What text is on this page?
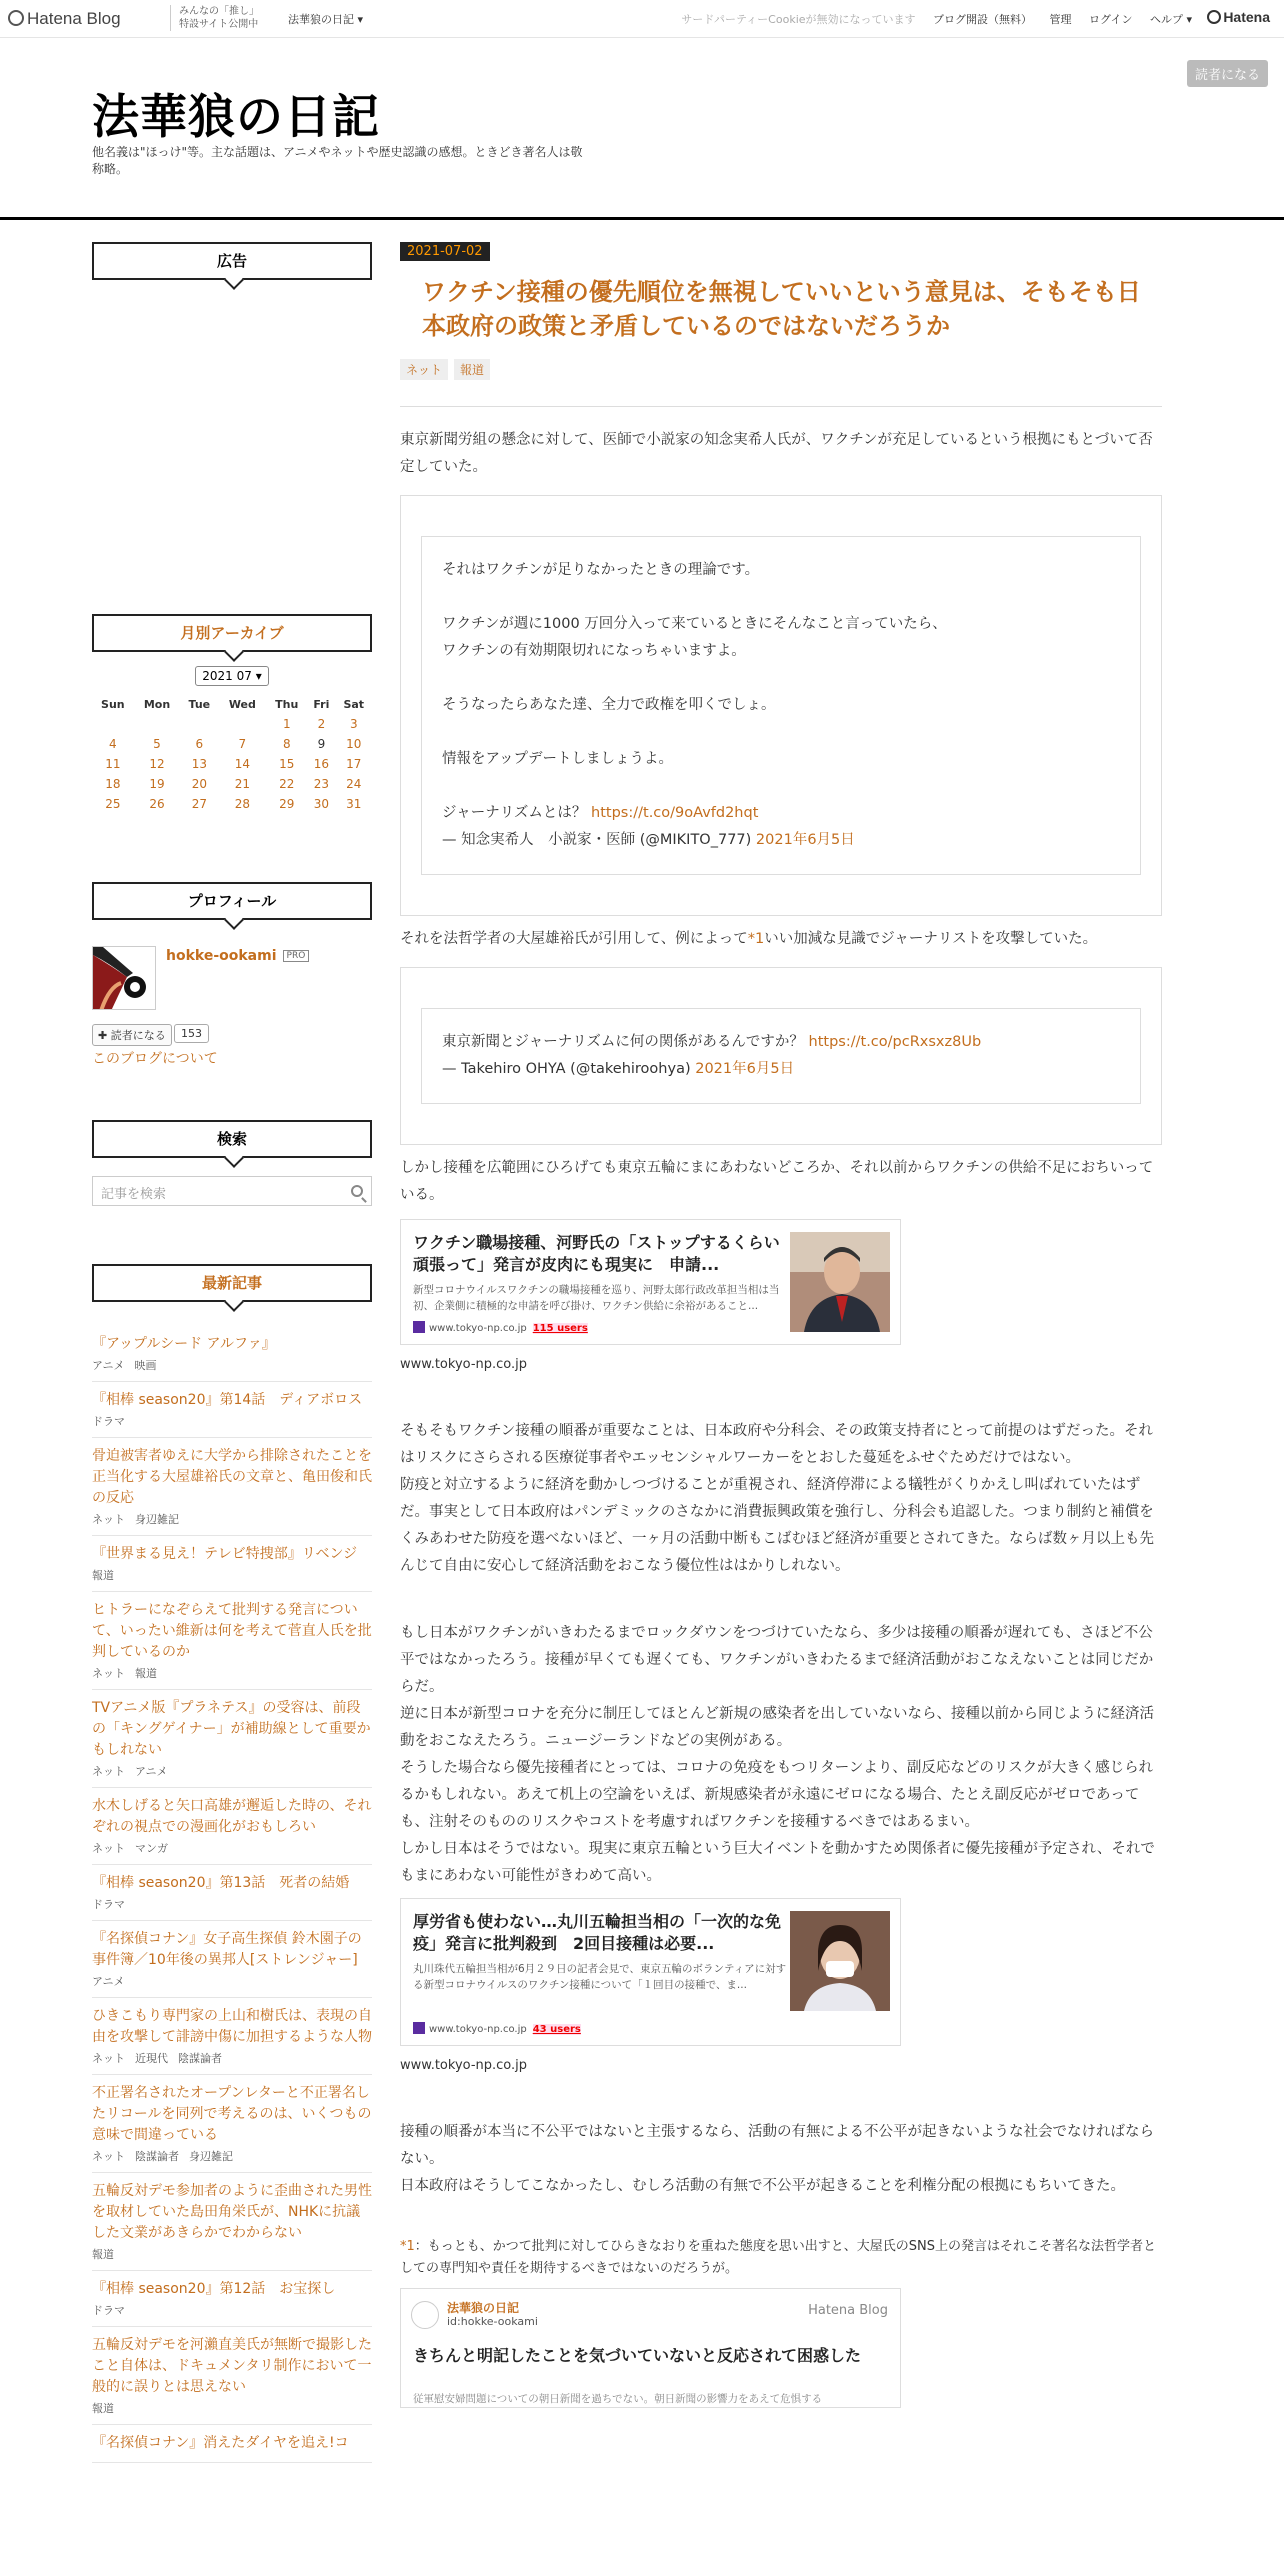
Hatena Blog	みんなの「推し」
特設サイト公開中	法華狼の日記 ▾	サードパーティーCookieが無効になっています ブログ開設（無料） 管理 ログイン ヘルプ ▾	Hatena
法華狼の日記
他名義は"ほっけ"等。主な話題は、アニメやネットや歴史認識の感想。ときどき著名人は敬称略。
読者になる
広告
月別アーカイブ
2021 07 ▾
Sun	Mon	Tue	Wed	Thu	Fri	Sat
				1	2	3
4	5	6	7	8	9	10
11	12	13	14	15	16	17
18	19	20	21	22	23	24
25	26	27	28	29	30	31
プロフィール
hokke-ookami PRO
✚ 読者になる	153
このブログについて
検索
記事を検索
最新記事
『アップルシード アルファ』
アニメ 映画
『相棒 season20』第14話　ディアボロス
ドラマ
骨迫被害者ゆえに大学から排除されたことを正当化する大屋雄裕氏の文章と、亀田俊和氏の反応
ネット 身辺雑記
『世界まる見え！テレビ特捜部』リベンジ
報道
ヒトラーになぞらえて批判する発言について、いったい維新は何を考えて菅直人氏を批判しているのか
ネット 報道
TVアニメ版『プラネテス』の受容は、前段の「キングゲイナー」が補助線として重要かもしれない
ネット アニメ
水木しげると矢口高雄が邂逅した時の、それぞれの視点での漫画化がおもしろい
ネット マンガ
『相棒 season20』第13話　死者の結婚
ドラマ
『名探偵コナン』女子高生探偵 鈴木園子の事件簿／10年後の異邦人[ストレンジャー]
アニメ
ひきこもり専門家の上山和樹氏は、表現の自由を攻撃して誹謗中傷に加担するような人物
ネット 近現代 陰謀論者
不正署名されたオープンレターと不正署名したリコールを同列で考えるのは、いくつもの意味で間違っている
ネット 陰謀論者 身辺雑記
五輪反対デモ参加者のように歪曲された男性を取材していた島田角栄氏が、NHKに抗議した文業があきらかでわからない
報道
『相棒 season20』第12話　お宝探し
ドラマ
五輪反対デモを河瀨直美氏が無断で撮影したこと自体は、ドキュメンタリ制作において一般的に誤りとは思えない
報道
『名探偵コナン』消えたダイヤを追え!コ
2021-07-02
ワクチン接種の優先順位を無視していいという意見は、そもそも日本政府の政策と矛盾しているのではないだろうか
ネット 報道
東京新聞労組の懸念に対して、医師で小説家の知念実希人氏が、ワクチンが充足しているという根拠にもとづいて否定していた。
それはワクチンが足りなかったときの理論です。
ワクチンが週に1000 万回分入って来ているときにそんなこと言っていたら、
ワクチンの有効期限切れになっちゃいますよ。
そうなったらあなた達、全力で政権を叩くでしょ。
情報をアップデートしましょうよ。
ジャーナリズムとは？ https://t.co/9oAvfd2hqt
— 知念実希人　小説家・医師 (@MIKITO_777) 2021年6月5日
それを法哲学者の大屋雄裕氏が引用して、例によって*1いい加減な見識でジャーナリストを攻撃していた。
東京新聞とジャーナリズムに何の関係があるんですか？ https://t.co/pcRxsxz8Ub
— Takehiro OHYA (@takehiroohya) 2021年6月5日
しかし接種を広範囲にひろげても東京五輪にまにあわないどころか、それ以前からワクチンの供給不足におちいっている。
ワクチン職場接種、河野氏の「ストップするくらい頑張って」発言が皮肉にも現実に　申請...
新型コロナウイルスワクチンの職場接種を巡り、河野太郎行政改革担当相は当初、企業側に積極的な申請を呼び掛け、ワクチン供給に余裕があること...
www.tokyo-np.co.jp 115 users
www.tokyo-np.co.jp
そもそもワクチン接種の順番が重要なことは、日本政府や分科会、その政策支持者にとって前提のはずだった。それはリスクにさらされる医療従事者やエッセンシャルワーカーをとおした蔓延をふせぐためだけではない。
防疫と対立するように経済を動かしつづけることが重視され、経済停滞による犠牲がくりかえし叫ばれていたはずだ。事実として日本政府はパンデミックのさなかに消費振興政策を強行し、分科会も追認した。つまり制約と補償をくみあわせた防疫を選べないほど、一ヶ月の活動中断もこばむほど経済が重要とされてきた。ならば数ヶ月以上も先んじて自由に安心して経済活動をおこなう優位性ははかりしれない。
もし日本がワクチンがいきわたるまでロックダウンをつづけていたなら、多少は接種の順番が遅れても、さほど不公平ではなかったろう。接種が早くても遅くても、ワクチンがいきわたるまで経済活動がおこなえないことは同じだからだ。
逆に日本が新型コロナを充分に制圧してほとんど新規の感染者を出していないなら、接種以前から同じように経済活動をおこなえたろう。ニュージーランドなどの実例がある。
そうした場合なら優先接種者にとっては、コロナの免疫をもつリターンより、副反応などのリスクが大きく感じられるかもしれない。あえて机上の空論をいえば、新規感染者が永遠にゼロになる場合、たとえ副反応がゼロであっても、注射そのもののリスクやコストを考慮すればワクチンを接種するべきではあるまい。
しかし日本はそうではない。現実に東京五輪という巨大イベントを動かすため関係者に優先接種が予定され、それでもまにあわない可能性がきわめて高い。
厚労省も使わない…丸川五輪担当相の「一次的な免疫」発言に批判殺到　2回目接種は必要...
丸川珠代五輪担当相が6月２９日の記者会見で、東京五輪のボランティアに対する新型コロナウイルスのワクチン接種について「１回目の接種で、ま...
www.tokyo-np.co.jp 43 users
www.tokyo-np.co.jp
接種の順番が本当に不公平ではないと主張するなら、活動の有無による不公平が起きないような社会でなければならない。
日本政府はそうしてこなかったし、むしろ活動の有無で不公平が起きることを利権分配の根拠にもちいてきた。
*1：もっとも、かつて批判に対してひらきなおりを重ねた態度を思い出すと、大屋氏のSNS上の発言はそれこそ著名な法哲学者としての専門知や責任を期待するべきではないのだろうが。
法華狼の日記
id:hokke-ookami
Hatena Blog
きちんと明記したことを気づいていないと反応されて困惑した
従軍慰安婦問題についての朝日新聞を過ちでない。朝日新聞の影響力をあえて危惧する
